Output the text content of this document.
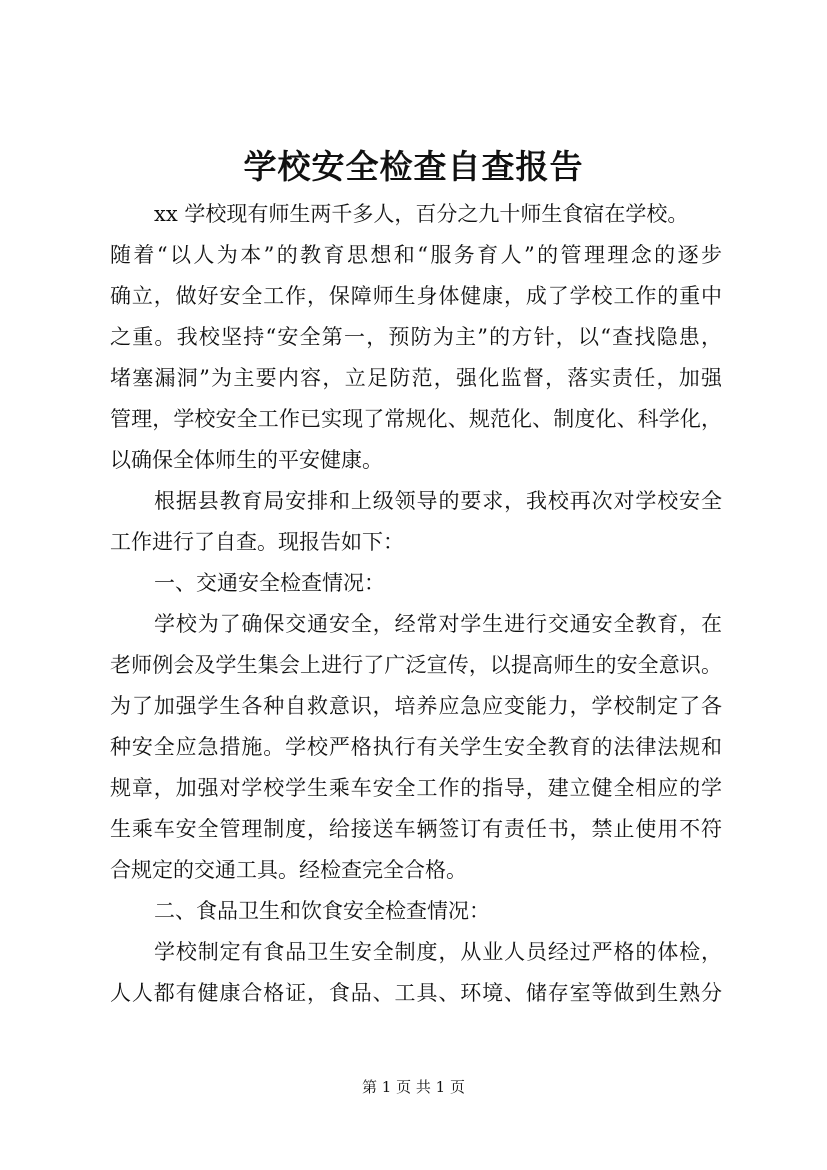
学校安全检查自查报告
xx 学校现有师生两千多人，百分之九十师生食宿在学校。
随着“以人为本”的教育思想和“服务育人”的管理理念的逐步
确立，做好安全工作，保障师生身体健康，成了学校工作的重中
之重。我校坚持“安全第一，预防为主”的方针，以“查找隐患，
堵塞漏洞”为主要内容，立足防范，强化监督，落实责任，加强
管理，学校安全工作已实现了常规化、规范化、制度化、科学化，
以确保全体师生的平安健康。
根据县教育局安排和上级领导的要求，我校再次对学校安全
工作进行了自查。现报告如下：
一、交通安全检查情况：
学校为了确保交通安全，经常对学生进行交通安全教育，在
老师例会及学生集会上进行了广泛宣传，以提高师生的安全意识。
为了加强学生各种自救意识，培养应急应变能力，学校制定了各
种安全应急措施。学校严格执行有关学生安全教育的法律法规和
规章，加强对学校学生乘车安全工作的指导，建立健全相应的学
生乘车安全管理制度，给接送车辆签订有责任书，禁止使用不符
合规定的交通工具。经检查完全合格。
二、食品卫生和饮食安全检查情况：
学校制定有食品卫生安全制度，从业人员经过严格的体检，
人人都有健康合格证，食品、工具、环境、储存室等做到生熟分
第 1 页 共 1 页
